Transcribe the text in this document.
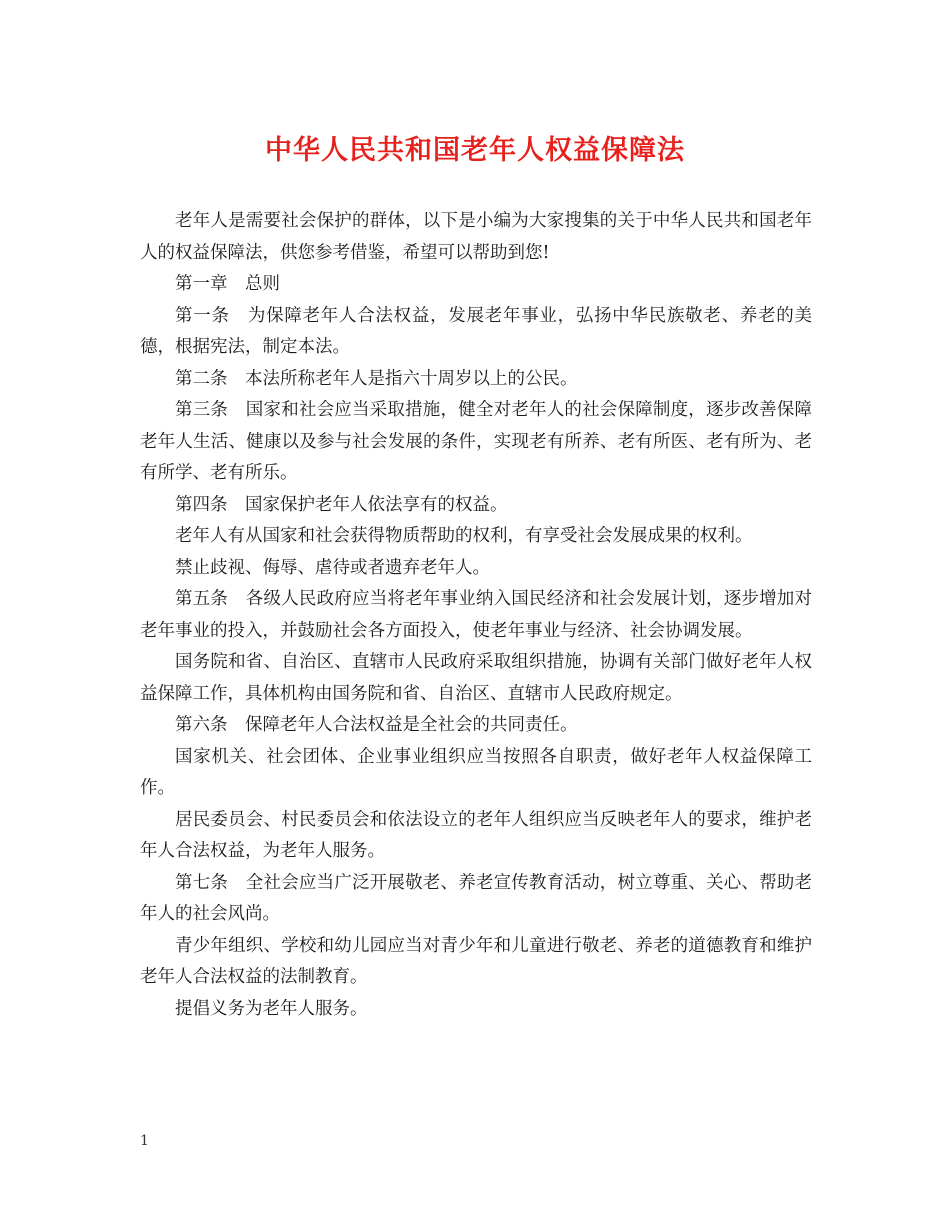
中华人民共和国老年人权益保障法

老年人是需要社会保护的群体，以下是小编为大家搜集的关于中华人民共和国老年人的权益保障法，供您参考借鉴，希望可以帮助到您!

第一章　总则

第一条　为保障老年人合法权益，发展老年事业，弘扬中华民族敬老、养老的美德，根据宪法，制定本法。

第二条　本法所称老年人是指六十周岁以上的公民。

第三条　国家和社会应当采取措施，健全对老年人的社会保障制度，逐步改善保障老年人生活、健康以及参与社会发展的条件，实现老有所养、老有所医、老有所为、老有所学、老有所乐。

第四条　国家保护老年人依法享有的权益。

老年人有从国家和社会获得物质帮助的权利，有享受社会发展成果的权利。

禁止歧视、侮辱、虐待或者遗弃老年人。

第五条　各级人民政府应当将老年事业纳入国民经济和社会发展计划，逐步增加对老年事业的投入，并鼓励社会各方面投入，使老年事业与经济、社会协调发展。

国务院和省、自治区、直辖市人民政府采取组织措施，协调有关部门做好老年人权益保障工作，具体机构由国务院和省、自治区、直辖市人民政府规定。

第六条　保障老年人合法权益是全社会的共同责任。

国家机关、社会团体、企业事业组织应当按照各自职责，做好老年人权益保障工作。

居民委员会、村民委员会和依法设立的老年人组织应当反映老年人的要求，维护老年人合法权益，为老年人服务。

第七条　全社会应当广泛开展敬老、养老宣传教育活动，树立尊重、关心、帮助老年人的社会风尚。

青少年组织、学校和幼儿园应当对青少年和儿童进行敬老、养老的道德教育和维护老年人合法权益的法制教育。

提倡义务为老年人服务。

1
